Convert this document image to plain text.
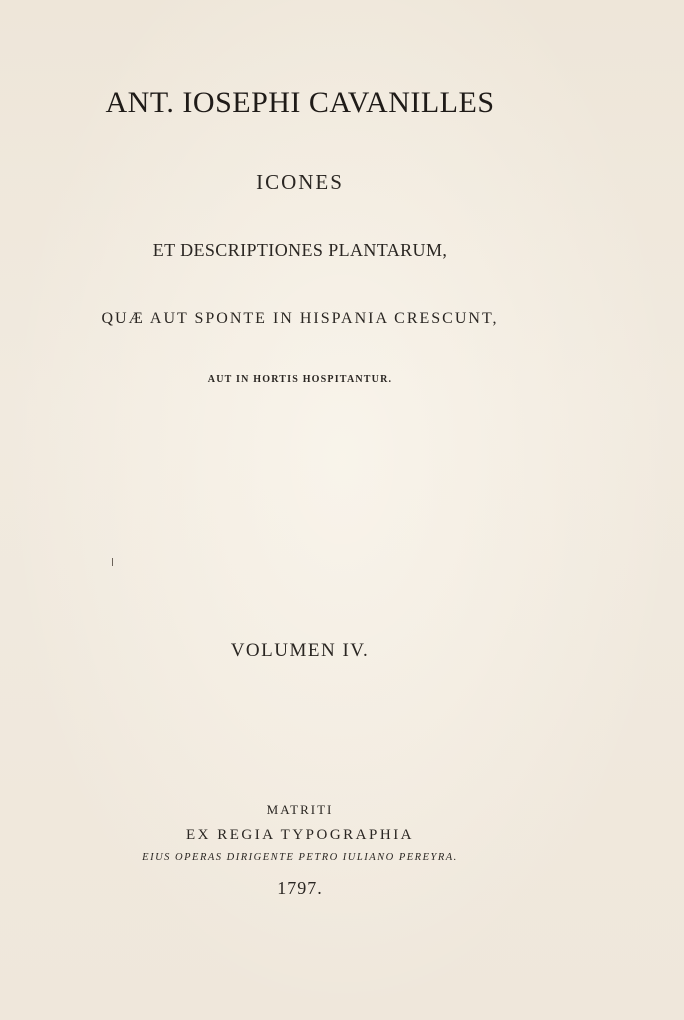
ANT. IOSEPHI CAVANILLES
ICONES
ET DESCRIPTIONES PLANTARUM,
QUÆ AUT SPONTE IN HISPANIA CRESCUNT,
AUT IN HORTIS HOSPITANTUR.
VOLUMEN IV.
MATRITI
EX REGIA TYPOGRAPHIA
EIUS OPERAS DIRIGENTE PETRO IULIANO PEREYRA.
1797.
